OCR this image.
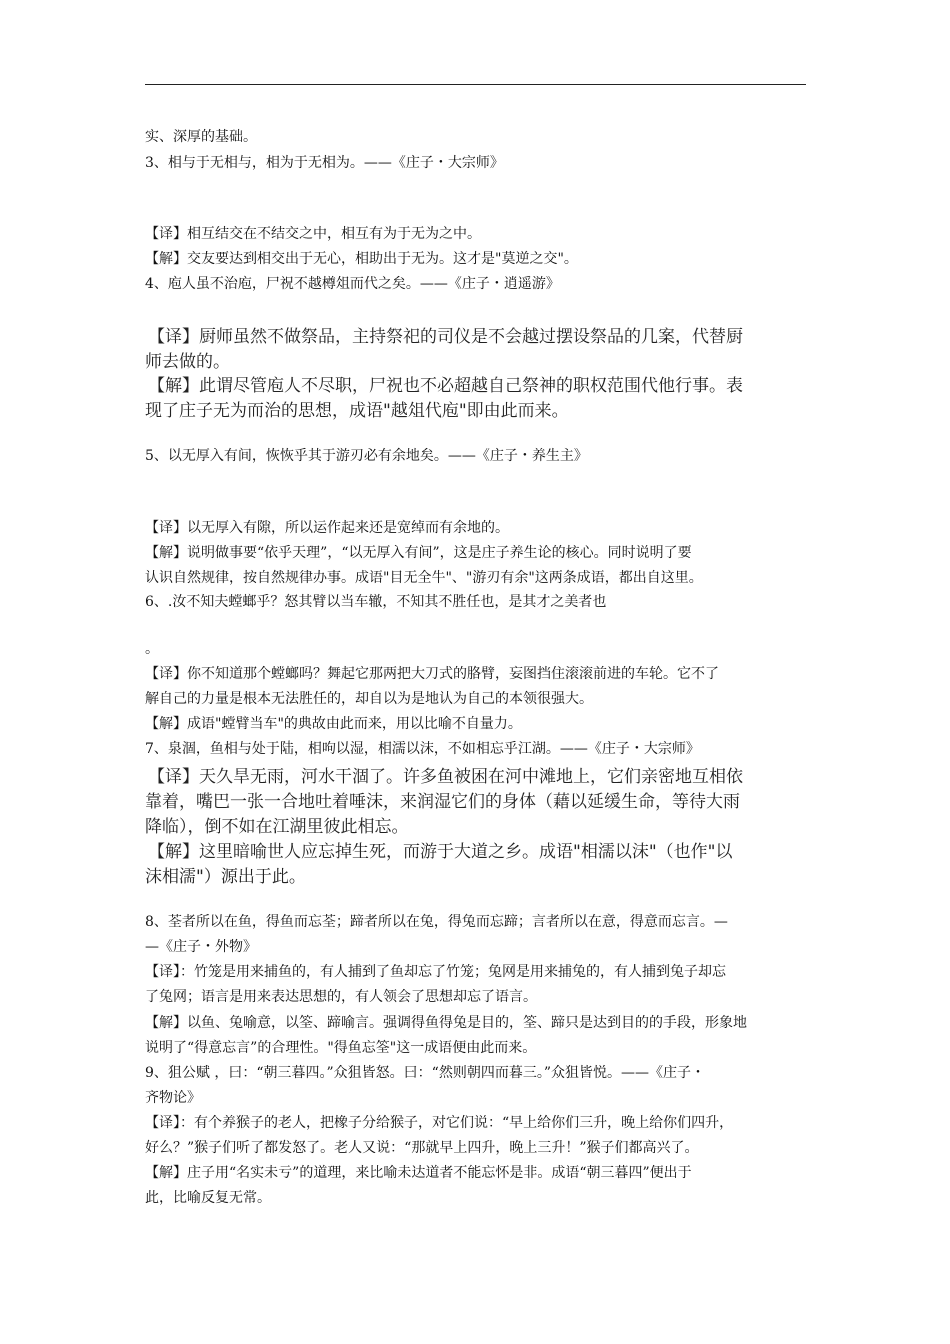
实、深厚的基础。
3、相与于无相与，相为于无相为。——《庄子・大宗师》
【译】相互结交在不结交之中，相互有为于无为之中。
【解】交友要达到相交出于无心，相助出于无为。这才是"莫逆之交"。
4、庖人虽不治庖，尸祝不越樽俎而代之矣。——《庄子・逍遥游》
【译】厨师虽然不做祭品，主持祭祀的司仪是不会越过摆设祭品的几案，代替厨
师去做的。
【解】此谓尽管庖人不尽职，尸祝也不必超越自己祭神的职权范围代他行事。表
现了庄子无为而治的思想，成语"越俎代庖"即由此而来。
5、以无厚入有间，恢恢乎其于游刃必有余地矣。——《庄子・养生主》
【译】以无厚入有隙，所以运作起来还是宽绰而有余地的。
【解】说明做事要“依乎天理”，“以无厚入有间”，这是庄子养生论的核心。同时说明了要
认识自然规律，按自然规律办事。成语"目无全牛"、"游刃有余"这两条成语，都出自这里。
6、.汝不知夫螳螂乎？怒其臂以当车辙，不知其不胜任也，是其才之美者也
。
【译】你不知道那个螳螂吗？舞起它那两把大刀式的胳臂，妄图挡住滚滚前进的车轮。它不了
解自己的力量是根本无法胜任的，却自以为是地认为自己的本领很强大。
【解】成语"螳臂当车"的典故由此而来，用以比喻不自量力。
7、泉涸，鱼相与处于陆，相呴以湿，相濡以沫，不如相忘乎江湖。——《庄子・大宗师》
【译】天久旱无雨，河水干涸了。许多鱼被困在河中滩地上，它们亲密地互相依
靠着，嘴巴一张一合地吐着唾沫，来润湿它们的身体（藉以延缓生命，等待大雨
降临），倒不如在江湖里彼此相忘。
【解】这里暗喻世人应忘掉生死，而游于大道之乡。成语"相濡以沫"（也作"以
沫相濡"）源出于此。
8、荃者所以在鱼，得鱼而忘荃；蹄者所以在兔，得兔而忘蹄；言者所以在意，得意而忘言。—
—《庄子・外物》
【译】：竹笼是用来捕鱼的，有人捕到了鱼却忘了竹笼；兔网是用来捕兔的，有人捕到兔子却忘
了兔网；语言是用来表达思想的，有人领会了思想却忘了语言。
【解】以鱼、兔喻意，以筌、蹄喻言。强调得鱼得兔是目的，筌、蹄只是达到目的的手段，形象地
说明了“得意忘言”的合理性。"得鱼忘筌"这一成语便由此而来。
9、狙公赋 ，曰：“朝三暮四。”众狙皆怒。曰：“然则朝四而暮三。”众狙皆悦。——《庄子・
齐物论》
【译】：有个养猴子的老人，把橡子分给猴子，对它们说：“早上给你们三升，晚上给你们四升，
好么？”猴子们听了都发怒了。老人又说：“那就早上四升，晚上三升！”猴子们都高兴了。
【解】庄子用“名实未亏”的道理，来比喻未达道者不能忘怀是非。成语“朝三暮四”便出于
此，比喻反复无常。
